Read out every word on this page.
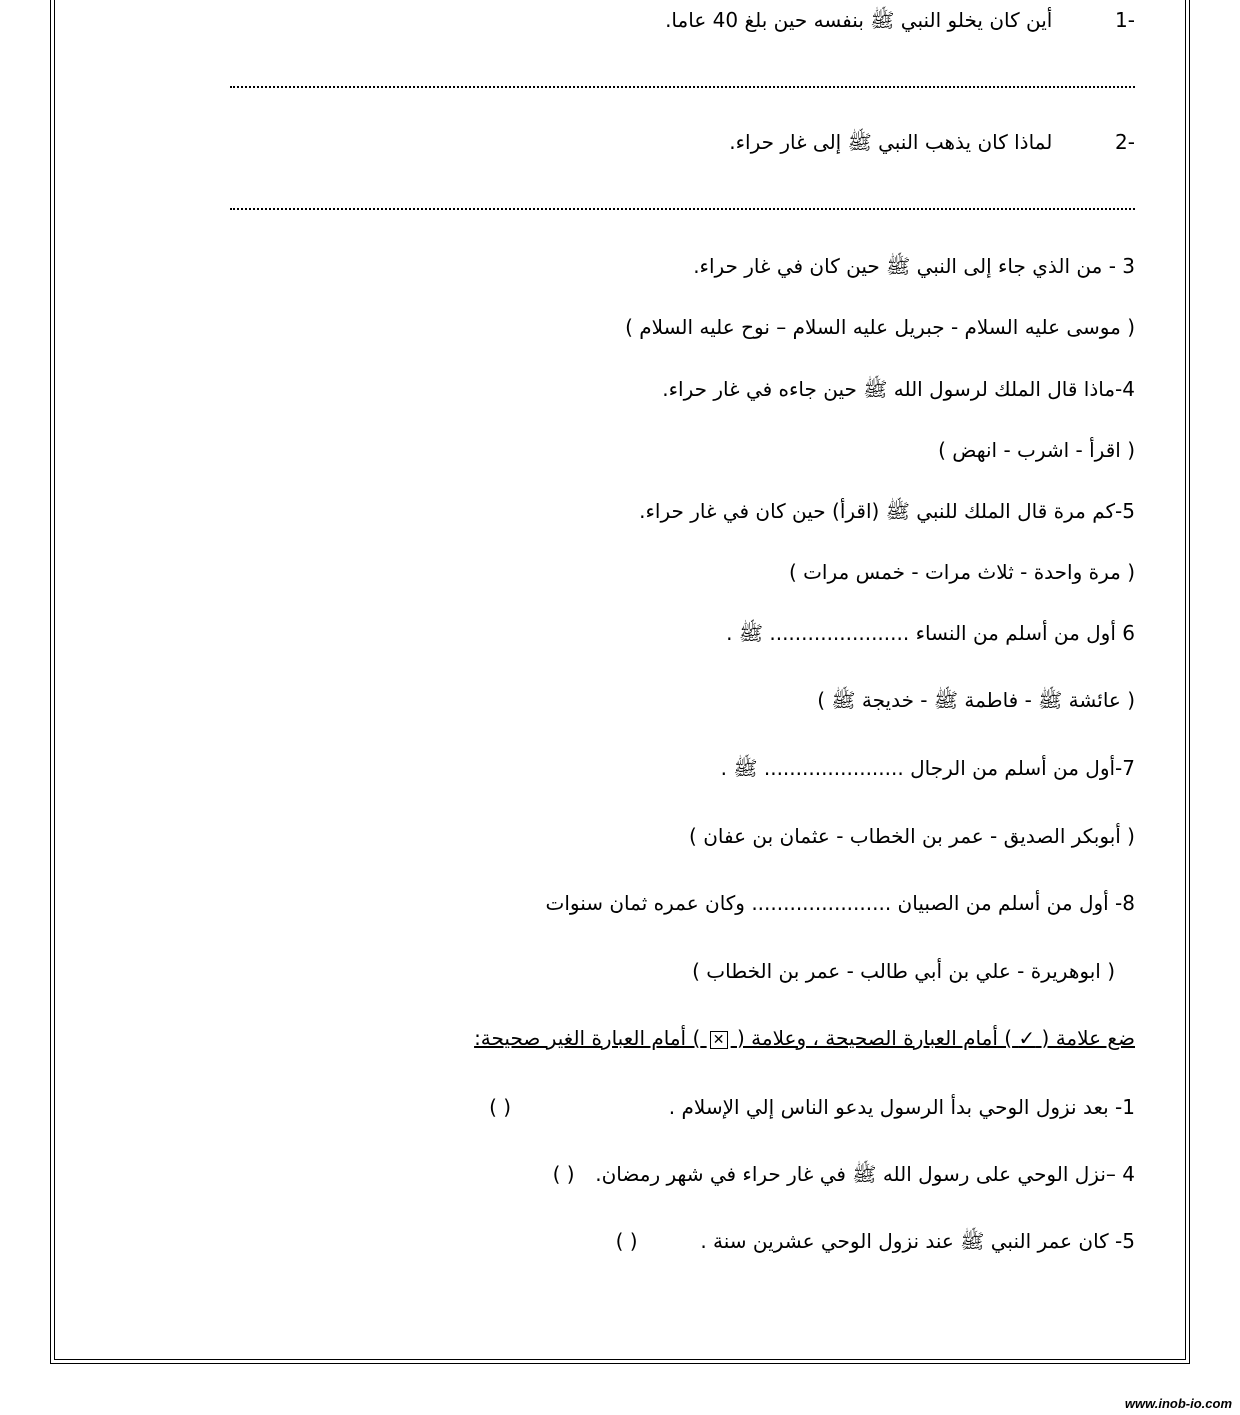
-1  أين كان يخلو النبي ﷺ بنفسه حين بلغ 40 عاما.
-2  لماذا كان يذهب النبي ﷺ إلى غار حراء.
3 - من الذي جاء إلى النبي ﷺ حين كان في غار حراء.
( موسى عليه السلام - جبريل عليه السلام – نوح عليه السلام )
4-ماذا قال الملك لرسول الله ﷺ حين جاءه في غار حراء.
( اقرأ - اشرب - انهض )
5-كم مرة قال الملك للنبي ﷺ (اقرأ) حين كان في غار حراء.
( مرة واحدة - ثلاث مرات - خمس مرات )
6 أول من أسلم من النساء ...................... ﷺ .
( عائشة ﷺ - فاطمة ﷺ - خديجة ﷺ )
7-أول من أسلم من الرجال ...................... ﷺ .
( أبوبكر الصديق - عمر بن الخطاب - عثمان بن عفان )
8- أول من أسلم من الصبيان ...................... وكان عمره ثمان سنوات
( ابوهريرة - علي بن أبي طالب - عمر بن الخطاب )
ضع علامة ( ✓ ) أمام العبارة الصحيحة ، وعلامة ( ✕ ) أمام العبارة الغير صحيحة:
1- بعد نزول الوحي بدأ الرسول يدعو الناس إلي الإسلام .  ( )
4 –نزل الوحي على رسول الله ﷺ في غار حراء في شهر رمضان.  ( )
5- كان عمر النبي ﷺ عند نزول الوحي عشرين سنة .  ( )
www.inob-io.com
